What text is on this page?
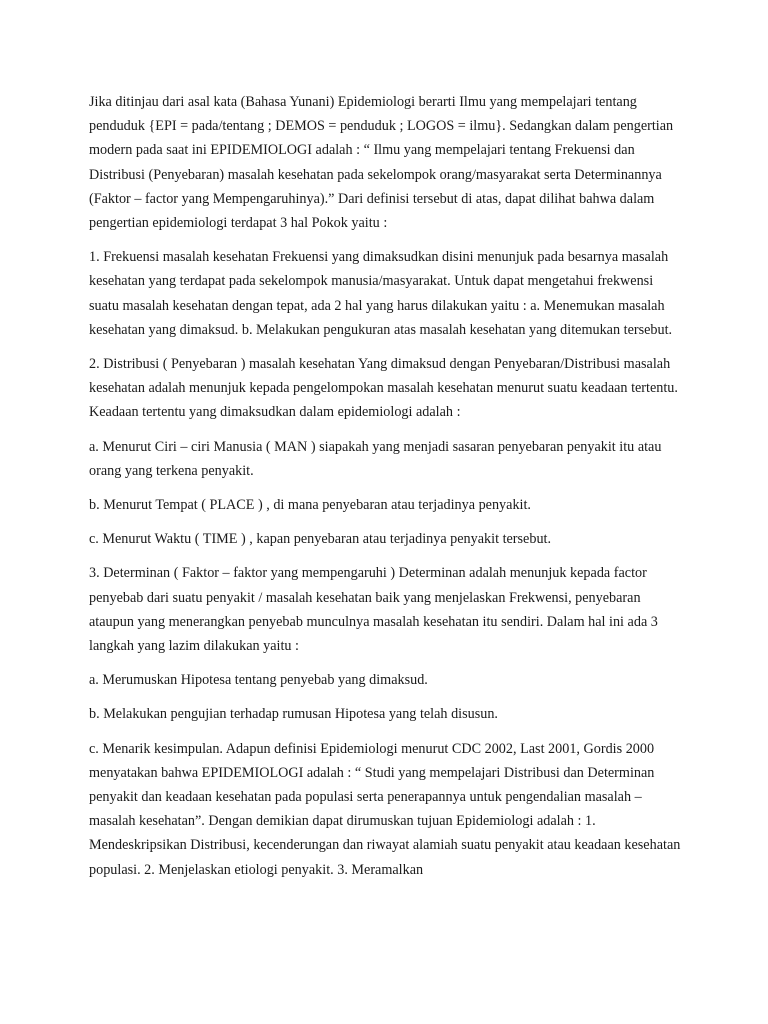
Jika ditinjau dari asal kata (Bahasa Yunani) Epidemiologi berarti Ilmu yang mempelajari tentang penduduk {EPI = pada/tentang ; DEMOS = penduduk ; LOGOS = ilmu}. Sedangkan dalam pengertian modern pada saat ini EPIDEMIOLOGI adalah : “ Ilmu yang mempelajari tentang Frekuensi dan Distribusi (Penyebaran) masalah kesehatan pada sekelompok orang/masyarakat serta Determinannya (Faktor – factor yang Mempengaruhinya).” Dari definisi tersebut di atas, dapat dilihat bahwa dalam pengertian epidemiologi terdapat 3 hal Pokok yaitu :

1. Frekuensi masalah kesehatan Frekuensi yang dimaksudkan disini menunjuk pada besarnya masalah kesehatan yang terdapat pada sekelompok manusia/masyarakat. Untuk dapat mengetahui frekwensi suatu masalah kesehatan dengan tepat, ada 2 hal yang harus dilakukan yaitu : a. Menemukan masalah kesehatan yang dimaksud. b. Melakukan pengukuran atas masalah kesehatan yang ditemukan tersebut.

2. Distribusi ( Penyebaran ) masalah kesehatan Yang dimaksud dengan Penyebaran/Distribusi masalah kesehatan adalah menunjuk kepada pengelompokan masalah kesehatan menurut suatu keadaan tertentu. Keadaan tertentu yang dimaksudkan dalam epidemiologi adalah :

a. Menurut Ciri – ciri Manusia ( MAN ) siapakah yang menjadi sasaran penyebaran penyakit itu atau orang yang terkena penyakit.

b. Menurut Tempat ( PLACE ) , di mana penyebaran atau terjadinya penyakit.

c. Menurut Waktu ( TIME ) , kapan penyebaran atau terjadinya penyakit tersebut.

3. Determinan ( Faktor – faktor yang mempengaruhi ) Determinan adalah menunjuk kepada factor penyebab dari suatu penyakit / masalah kesehatan baik yang menjelaskan Frekwensi, penyebaran ataupun yang menerangkan penyebab munculnya masalah kesehatan itu sendiri. Dalam hal ini ada 3 langkah yang lazim dilakukan yaitu :

a. Merumuskan Hipotesa tentang penyebab yang dimaksud.

b. Melakukan pengujian terhadap rumusan Hipotesa yang telah disusun.

c. Menarik kesimpulan. Adapun definisi Epidemiologi menurut CDC 2002, Last 2001, Gordis 2000 menyatakan bahwa EPIDEMIOLOGI adalah : “ Studi yang mempelajari Distribusi dan Determinan penyakit dan keadaan kesehatan pada populasi serta penerapannya untuk pengendalian masalah – masalah kesehatan”. Dengan demikian dapat dirumuskan tujuan Epidemiologi adalah : 1. Mendeskripsikan Distribusi, kecenderungan dan riwayat alamiah suatu penyakit atau keadaan kesehatan populasi. 2. Menjelaskan etiologi penyakit. 3. Meramalkan
